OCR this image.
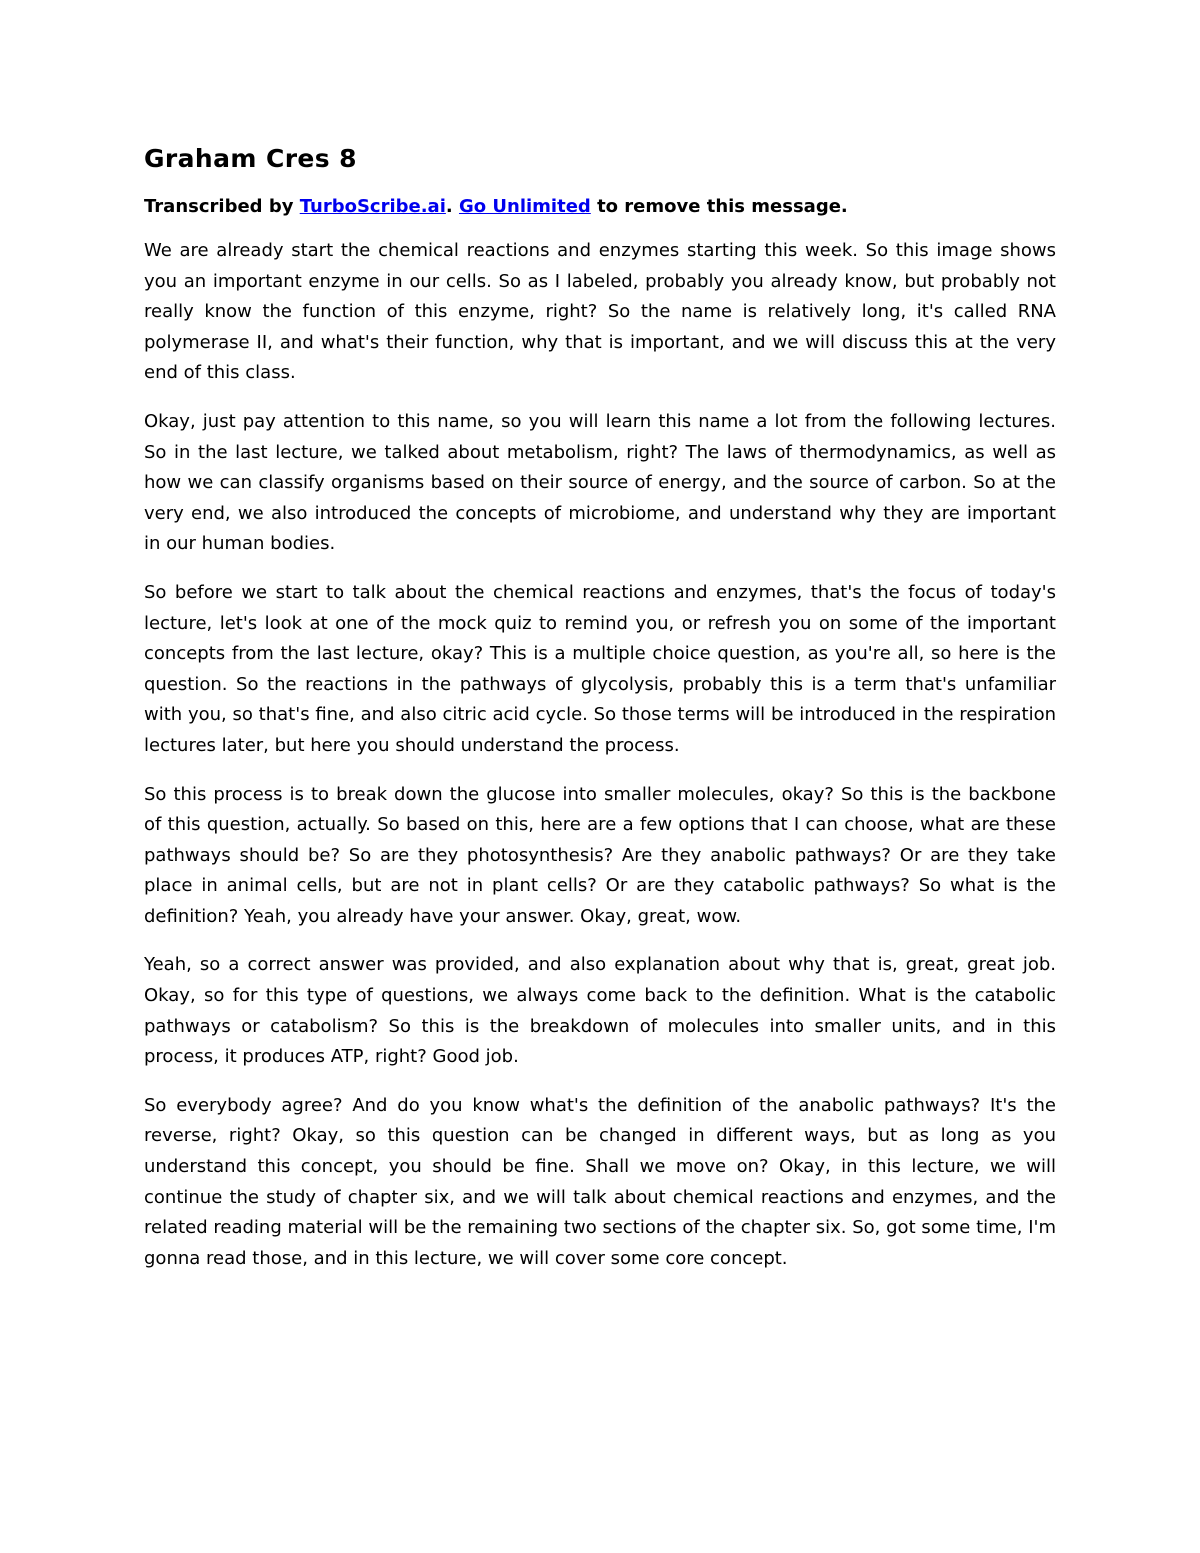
Graham Cres 8
Transcribed by TurboScribe.ai. Go Unlimited to remove this message.

We are already start the chemical reactions and enzymes starting this week. So this image shows you an important enzyme in our cells. So as I labeled, probably you already know, but probably not really know the function of this enzyme, right? So the name is relatively long, it's called RNA polymerase II, and what's their function, why that is important, and we will discuss this at the very end of this class.

Okay, just pay attention to this name, so you will learn this name a lot from the following lectures. So in the last lecture, we talked about metabolism, right? The laws of thermodynamics, as well as how we can classify organisms based on their source of energy, and the source of carbon. So at the very end, we also introduced the concepts of microbiome, and understand why they are important in our human bodies.

So before we start to talk about the chemical reactions and enzymes, that's the focus of today's lecture, let's look at one of the mock quiz to remind you, or refresh you on some of the important concepts from the last lecture, okay? This is a multiple choice question, as you're all, so here is the question. So the reactions in the pathways of glycolysis, probably this is a term that's unfamiliar with you, so that's fine, and also citric acid cycle. So those terms will be introduced in the respiration lectures later, but here you should understand the process.

So this process is to break down the glucose into smaller molecules, okay? So this is the backbone of this question, actually. So based on this, here are a few options that I can choose, what are these pathways should be? So are they photosynthesis? Are they anabolic pathways? Or are they take place in animal cells, but are not in plant cells? Or are they catabolic pathways? So what is the definition? Yeah, you already have your answer. Okay, great, wow.

Yeah, so a correct answer was provided, and also explanation about why that is, great, great job. Okay, so for this type of questions, we always come back to the definition. What is the catabolic pathways or catabolism? So this is the breakdown of molecules into smaller units, and in this process, it produces ATP, right? Good job.

So everybody agree? And do you know what's the definition of the anabolic pathways? It's the reverse, right? Okay, so this question can be changed in different ways, but as long as you understand this concept, you should be fine. Shall we move on? Okay, in this lecture, we will continue the study of chapter six, and we will talk about chemical reactions and enzymes, and the related reading material will be the remaining two sections of the chapter six. So, got some time, I'm gonna read those, and in this lecture, we will cover some core concept.
